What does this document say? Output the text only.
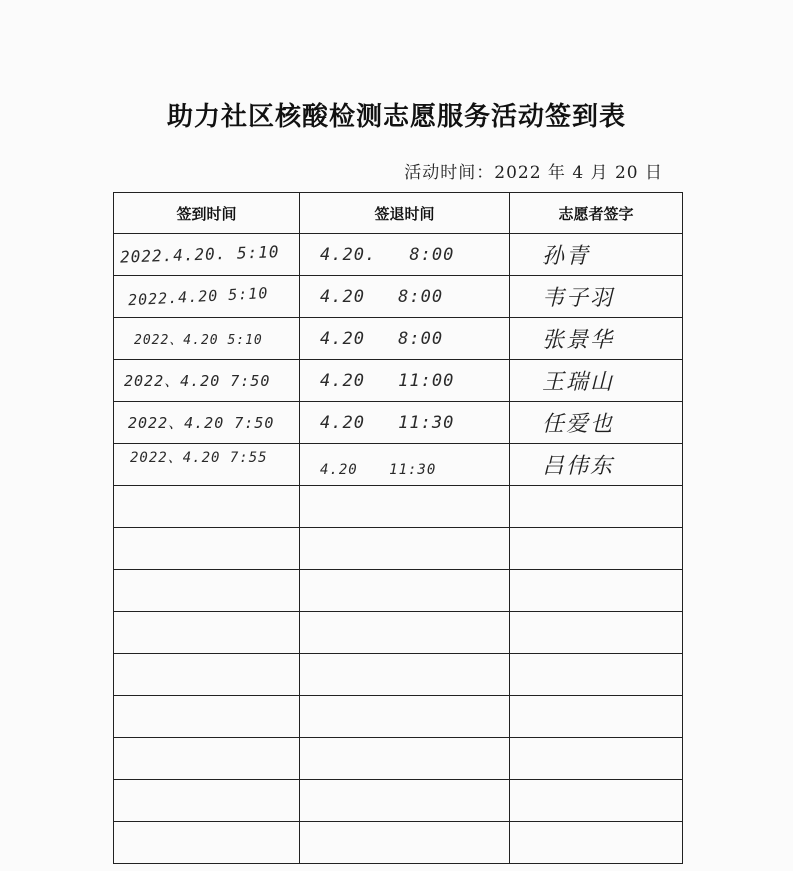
助力社区核酸检测志愿服务活动签到表
活动时间：2022 年 4 月 20 日
签到时间	签退时间	志愿者签字
2022.4.20. 5:10	4.20. 8:00	孙青
2022.4.20 5:10	4.20 8:00	韦子羽
2022、4.20 5:10	4.20 8:00	张景华
2022、4.20 7:50	4.20 11:00	王瑞山
2022、4.20 7:50	4.20 11:30	任爱也
2022、4.20 7:55	4.20 11:30	吕伟东
